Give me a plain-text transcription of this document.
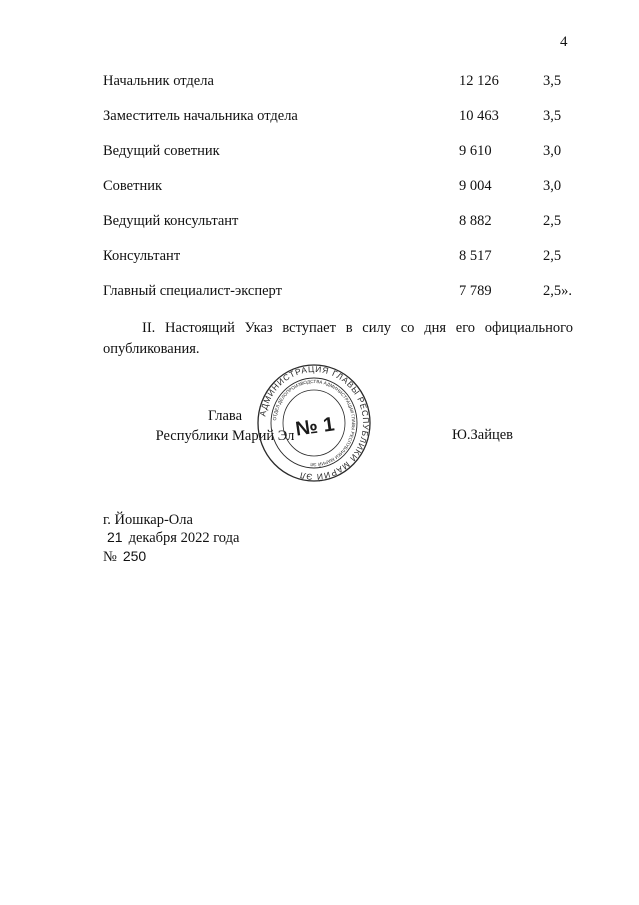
4
Начальник отдела	12 126	3,5
Заместитель начальника отдела	10 463	3,5
Ведущий советник	9 610	3,0
Советник	9 004	3,0
Ведущий консультант	8 882	2,5
Консультант	8 517	2,5
Главный специалист-эксперт	7 789	2,5».
II. Настоящий Указ вступает в силу со дня его официального опубликования.
Глава
Республики Марий Эл
АДМИНИСТРАЦИЯ ГЛАВЫ РЕСПУБЛИКИ МАРИЙ ЭЛ
ОТДЕЛ ДЕЛОПРОИЗВОДСТВА АДМИНИСТРАЦИИ ГЛАВЫ РЕСПУБЛИКИ МАРИЙ ЭЛ
№ 1	Ю.Зайцев
г. Йошкар-Ола
21 декабря 2022 года
№ 250
